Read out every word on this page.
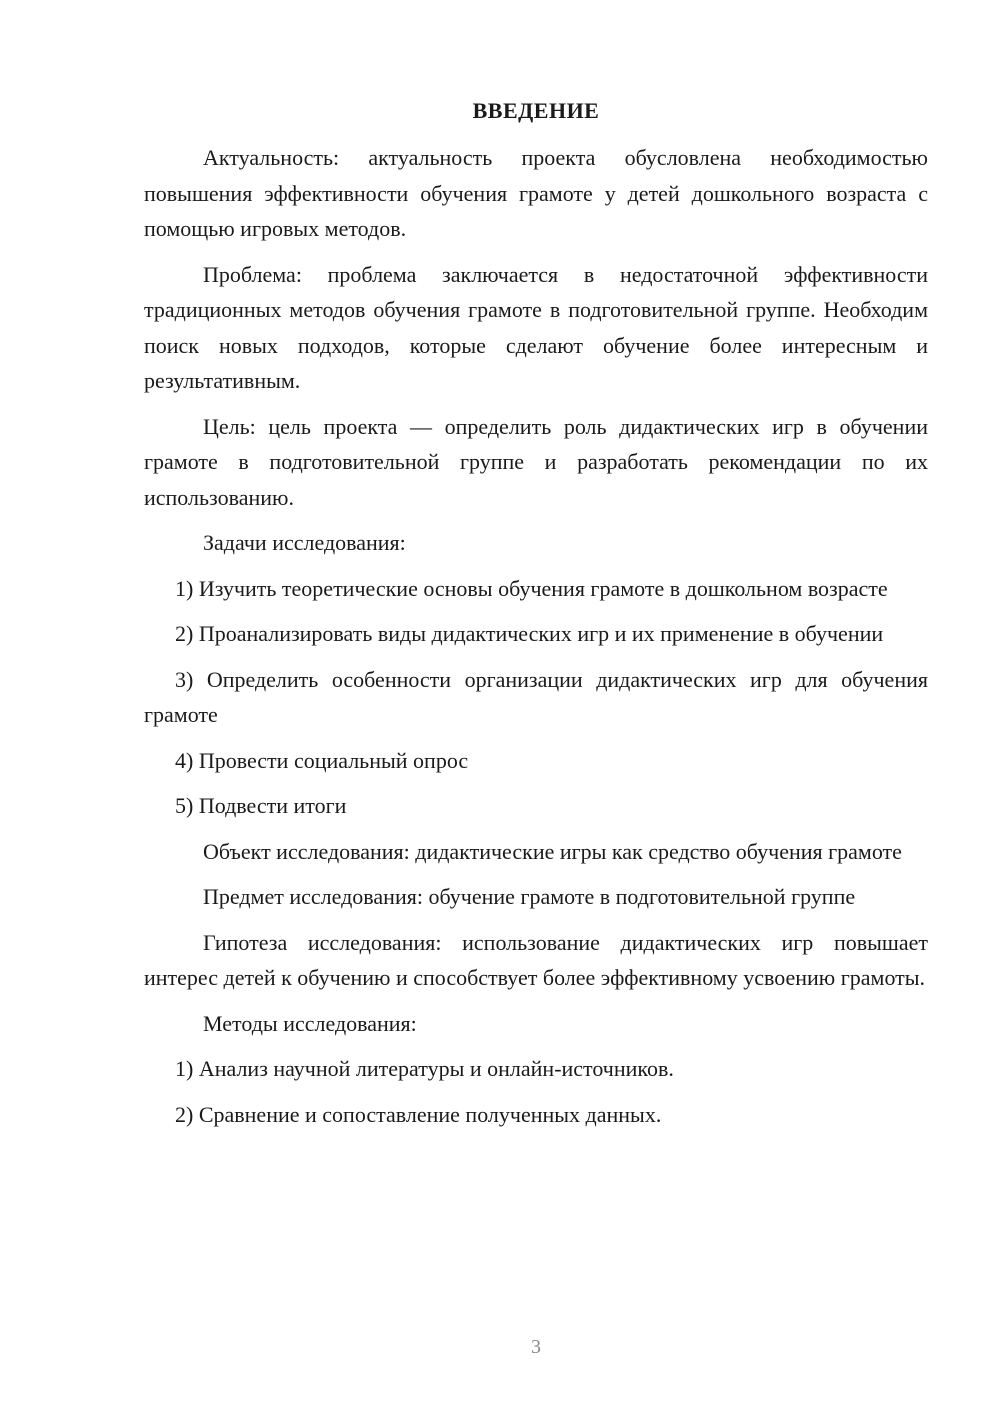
ВВЕДЕНИЕ

Актуальность: актуальность проекта обусловлена необходимостью повышения эффективности обучения грамоте у детей дошкольного возраста с помощью игровых методов.

Проблема: проблема заключается в недостаточной эффективности традиционных методов обучения грамоте в подготовительной группе. Необходим поиск новых подходов, которые сделают обучение более интересным и результативным.

Цель: цель проекта — определить роль дидактических игр в обучении грамоте в подготовительной группе и разработать рекомендации по их использованию.

Задачи исследования:

1) Изучить теоретические основы обучения грамоте в дошкольном возрасте

2) Проанализировать виды дидактических игр и их применение в обучении

3) Определить особенности организации дидактических игр для обучения грамоте

4) Провести социальный опрос

5) Подвести итоги

Объект исследования: дидактические игры как средство обучения грамоте

Предмет исследования: обучение грамоте в подготовительной группе

Гипотеза исследования: использование дидактических игр повышает интерес детей к обучению и способствует более эффективному усвоению грамоты.

Методы исследования:

1) Анализ научной литературы и онлайн-источников.

2) Сравнение и сопоставление полученных данных.

3
